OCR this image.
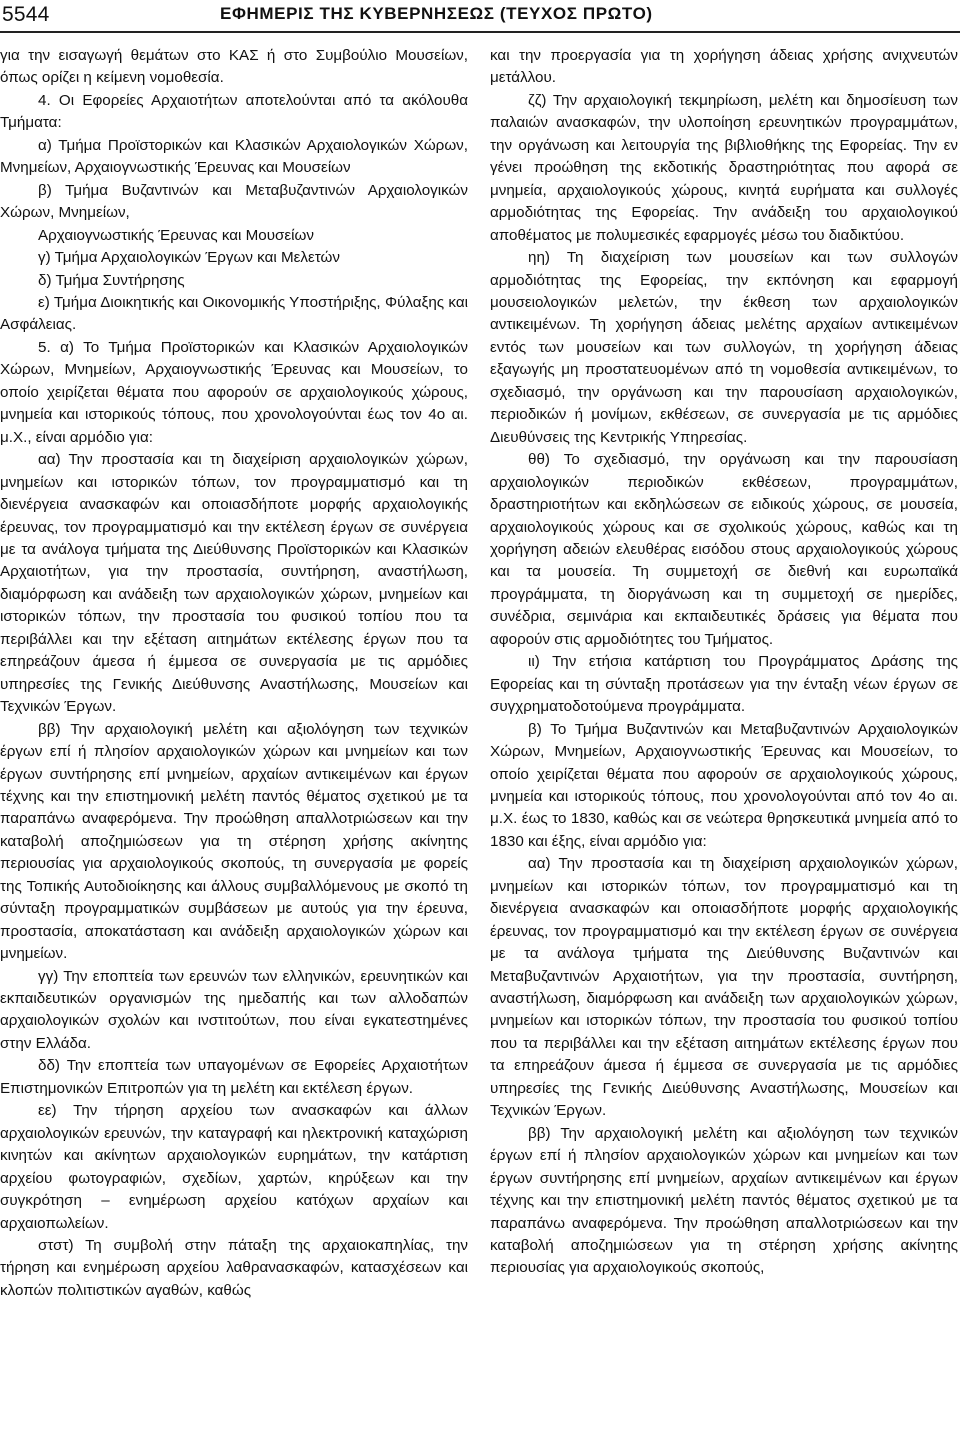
5544	ΕΦΗΜΕΡΙΣ ΤΗΣ ΚΥΒΕΡΝΗΣΕΩΣ (ΤΕΥΧΟΣ ΠΡΩΤΟ)

για την εισαγωγή θεμάτων στο ΚΑΣ ή στο Συμβούλιο Μουσείων, όπως ορίζει η κείμενη νομοθεσία.

4. Οι Εφορείες Αρχαιοτήτων αποτελούνται από τα ακόλουθα Τμήματα:

α) Τμήμα Προϊστορικών και Κλασικών Αρχαιολογικών Χώρων, Μνημείων, Αρχαιογνωστικής Έρευνας και Μουσείων

β) Τμήμα Βυζαντινών και Μεταβυζαντινών Αρχαιολογικών Χώρων, Μνημείων,

Αρχαιογνωστικής Έρευνας και Μουσείων

γ) Τμήμα Αρχαιολογικών Έργων και Μελετών

δ) Τμήμα Συντήρησης

ε) Τμήμα Διοικητικής και Οικονομικής Υποστήριξης, Φύλαξης και Ασφάλειας.

5. α) Το Τμήμα Προϊστορικών και Κλασικών Αρχαιολογικών Χώρων, Μνημείων, Αρχαιογνωστικής Έρευνας και Μουσείων, το οποίο χειρίζεται θέματα που αφορούν σε αρχαιολογικούς χώρους, μνημεία και ιστορικούς τόπους, που χρονολογούνται έως τον 4ο αι. μ.Χ., είναι αρμόδιο για:

αα) Την προστασία και τη διαχείριση αρχαιολογικών χώρων, μνημείων και ιστορικών τόπων, τον προγραμματισμό και τη διενέργεια ανασκαφών και οποιασδήποτε μορφής αρχαιολογικής έρευνας, τον προγραμματισμό και την εκτέλεση έργων σε συνέργεια με τα ανάλογα τμήματα της Διεύθυνσης Προϊστορικών και Κλασικών Αρχαιοτήτων, για την προστασία, συντήρηση, αναστήλωση, διαμόρφωση και ανάδειξη των αρχαιολογικών χώρων, μνημείων και ιστορικών τόπων, την προστασία του φυσικού τοπίου που τα περιβάλλει και την εξέταση αιτημάτων εκτέλεσης έργων που τα επηρεάζουν άμεσα ή έμμεσα σε συνεργασία με τις αρμόδιες υπηρεσίες της Γενικής Διεύθυνσης Αναστήλωσης, Μουσείων και Τεχνικών Έργων.

ββ) Την αρχαιολογική μελέτη και αξιολόγηση των τεχνικών έργων επί ή πλησίον αρχαιολογικών χώρων και μνημείων και των έργων συντήρησης επί μνημείων, αρχαίων αντικειμένων και έργων τέχνης και την επιστημονική μελέτη παντός θέματος σχετικού με τα παραπάνω αναφερόμενα. Την προώθηση απαλλοτριώσεων και την καταβολή αποζημιώσεων για τη στέρηση χρήσης ακίνητης περιουσίας για αρχαιολογικούς σκοπούς, τη συνεργασία με φορείς της Τοπικής Αυτοδιοίκησης και άλλους συμβαλλόμενους με σκοπό τη σύνταξη προγραμματικών συμβάσεων με αυτούς για την έρευνα, προστασία, αποκατάσταση και ανάδειξη αρχαιολογικών χώρων και μνημείων.

γγ) Την εποπτεία των ερευνών των ελληνικών, ερευνητικών και εκπαιδευτικών οργανισμών της ημεδαπής και των αλλοδαπών αρχαιολογικών σχολών και ινστιτούτων, που είναι εγκατεστημένες στην Ελλάδα.

δδ) Την εποπτεία των υπαγομένων σε Εφορείες Αρχαιοτήτων Επιστημονικών Επιτροπών για τη μελέτη και εκτέλεση έργων.

εε) Την τήρηση αρχείου των ανασκαφών και άλλων αρχαιολογικών ερευνών, την καταγραφή και ηλεκτρονική καταχώριση κινητών και ακίνητων αρχαιολογικών ευρημάτων, την κατάρτιση αρχείου φωτογραφιών, σχεδίων, χαρτών, κηρύξεων και την συγκρότηση – ενημέρωση αρχείου κατόχων αρχαίων και αρχαιοπωλείων.

στστ) Τη συμβολή στην πάταξη της αρχαιοκαπηλίας, την τήρηση και ενημέρωση αρχείου λαθρανασκαφών, κατασχέσεων και κλοπών πολιτιστικών αγαθών, καθώς

και την προεργασία για τη χορήγηση άδειας χρήσης ανιχνευτών μετάλλου.

ζζ) Την αρχαιολογική τεκμηρίωση, μελέτη και δημοσίευση των παλαιών ανασκαφών, την υλοποίηση ερευνητικών προγραμμάτων, την οργάνωση και λειτουργία της βιβλιοθήκης της Εφορείας. Την εν γένει προώθηση της εκδοτικής δραστηριότητας που αφορά σε μνημεία, αρχαιολογικούς χώρους, κινητά ευρήματα και συλλογές αρμοδιότητας της Εφορείας. Την ανάδειξη του αρχαιολογικού αποθέματος με πολυμεσικές εφαρμογές μέσω του διαδικτύου.

ηη) Τη διαχείριση των μουσείων και των συλλογών αρμοδιότητας της Εφορείας, την εκπόνηση και εφαρμογή μουσειολογικών μελετών, την έκθεση των αρχαιολογικών αντικειμένων. Τη χορήγηση άδειας μελέτης αρχαίων αντικειμένων εντός των μουσείων και των συλλογών, τη χορήγηση άδειας εξαγωγής μη προστατευομένων από τη νομοθεσία αντικειμένων, το σχεδιασμό, την οργάνωση και την παρουσίαση αρχαιολογικών, περιοδικών ή μονίμων, εκθέσεων, σε συνεργασία με τις αρμόδιες Διευθύνσεις της Κεντρικής Υπηρεσίας.

θθ) Το σχεδιασμό, την οργάνωση και την παρουσίαση αρχαιολογικών περιοδικών εκθέσεων, προγραμμάτων, δραστηριοτήτων και εκδηλώσεων σε ειδικούς χώρους, σε μουσεία, αρχαιολογικούς χώρους και σε σχολικούς χώρους, καθώς και τη χορήγηση αδειών ελευθέρας εισόδου στους αρχαιολογικούς χώρους και τα μουσεία. Τη συμμετοχή σε διεθνή και ευρωπαϊκά προγράμματα, τη διοργάνωση και τη συμμετοχή σε ημερίδες, συνέδρια, σεμινάρια και εκπαιδευτικές δράσεις για θέματα που αφορούν στις αρμοδιότητες του Τμήματος.

ιι) Την ετήσια κατάρτιση του Προγράμματος Δράσης της Εφορείας και τη σύνταξη προτάσεων για την ένταξη νέων έργων σε συγχρηματοδοτούμενα προγράμματα.

β) Το Τμήμα Βυζαντινών και Μεταβυζαντινών Αρχαιολογικών Χώρων, Μνημείων, Αρχαιογνωστικής Έρευνας και Μουσείων, το οποίο χειρίζεται θέματα που αφορούν σε αρχαιολογικούς χώρους, μνημεία και ιστορικούς τόπους, που χρονολογούνται από τον 4ο αι. μ.Χ. έως το 1830, καθώς και σε νεώτερα θρησκευτικά μνημεία από το 1830 και έξης, είναι αρμόδιο για:

αα) Την προστασία και τη διαχείριση αρχαιολογικών χώρων, μνημείων και ιστορικών τόπων, τον προγραμματισμό και τη διενέργεια ανασκαφών και οποιασδήποτε μορφής αρχαιολογικής έρευνας, τον προγραμματισμό και την εκτέλεση έργων σε συνέργεια με τα ανάλογα τμήματα της Διεύθυνσης Βυζαντινών και Μεταβυζαντινών Αρχαιοτήτων, για την προστασία, συντήρηση, αναστήλωση, διαμόρφωση και ανάδειξη των αρχαιολογικών χώρων, μνημείων και ιστορικών τόπων, την προστασία του φυσικού τοπίου που τα περιβάλλει και την εξέταση αιτημάτων εκτέλεσης έργων που τα επηρεάζουν άμεσα ή έμμεσα σε συνεργασία με τις αρμόδιες υπηρεσίες της Γενικής Διεύθυνσης Αναστήλωσης, Μουσείων και Τεχνικών Έργων.

ββ) Την αρχαιολογική μελέτη και αξιολόγηση των τεχνικών έργων επί ή πλησίον αρχαιολογικών χώρων και μνημείων και των έργων συντήρησης επί μνημείων, αρχαίων αντικειμένων και έργων τέχνης και την επιστημονική μελέτη παντός θέματος σχετικού με τα παραπάνω αναφερόμενα. Την προώθηση απαλλοτριώσεων και την καταβολή αποζημιώσεων για τη στέρηση χρήσης ακίνητης περιουσίας για αρχαιολογικούς σκοπούς,
